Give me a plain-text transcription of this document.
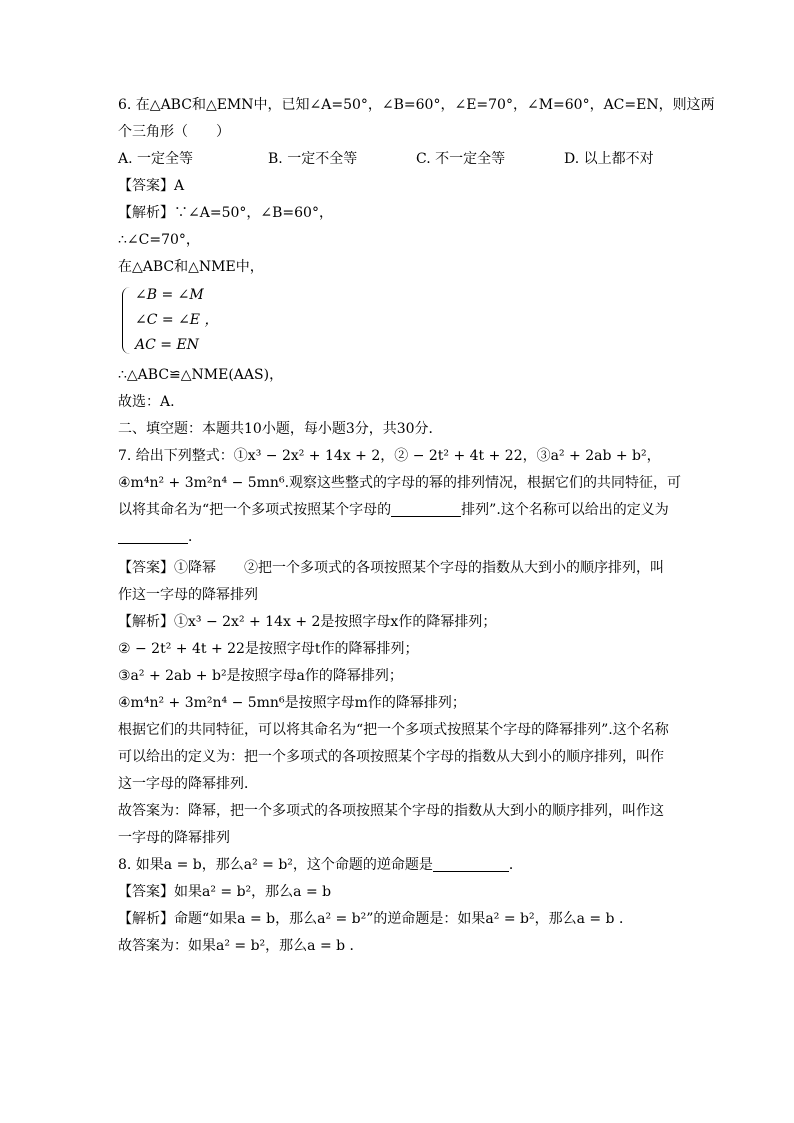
6. 在△ABC和△EMN中，已知∠A=50°，∠B=60°，∠E=70°，∠M=60°，AC=EN，则这两
个三角形（　　）
A. 一定全等	B. 一定不全等	C. 不一定全等	D. 以上都不对
【答案】A
【解析】∵∠A=50°，∠B=60°，
∴∠C=70°，
在△ABC和△NME中，
∠B = ∠M
∠C = ∠E ，
AC = EN
∴△ABC≌△NME(AAS)，
故选：A.
二、填空题：本题共10小题，每小题3分，共30分．
7. 给出下列整式：①x³ − 2x² + 14x + 2，② − 2t² + 4t + 22，③a² + 2ab + b²，
④m⁴n² + 3m²n⁴ − 5mn⁶.观察这些整式的字母的幂的排列情况，根据它们的共同特征，可
以将其命名为“把一个多项式按照某个字母的	排列”.这个名称可以给出的定义为
．
【答案】①降幂　　②把一个多项式的各项按照某个字母的指数从大到小的顺序排列，叫
作这一字母的降幂排列
【解析】①x³ − 2x² + 14x + 2是按照字母x作的降幂排列；
② − 2t² + 4t + 22是按照字母t作的降幂排列；
③a² + 2ab + b²是按照字母a作的降幂排列；
④m⁴n² + 3m²n⁴ − 5mn⁶是按照字母m作的降幂排列；
根据它们的共同特征，可以将其命名为“把一个多项式按照某个字母的降幂排列”.这个名称
可以给出的定义为：把一个多项式的各项按照某个字母的指数从大到小的顺序排列，叫作
这一字母的降幂排列．
故答案为：降幂，把一个多项式的各项按照某个字母的指数从大到小的顺序排列，叫作这
一字母的降幂排列
8. 如果a = b，那么a² = b²，这个命题的逆命题是	．
【答案】如果a² = b²，那么a = b
【解析】命题“如果a = b，那么a² = b²”的逆命题是：如果a² = b²，那么a = b ．
故答案为：如果a² = b²，那么a = b ．
